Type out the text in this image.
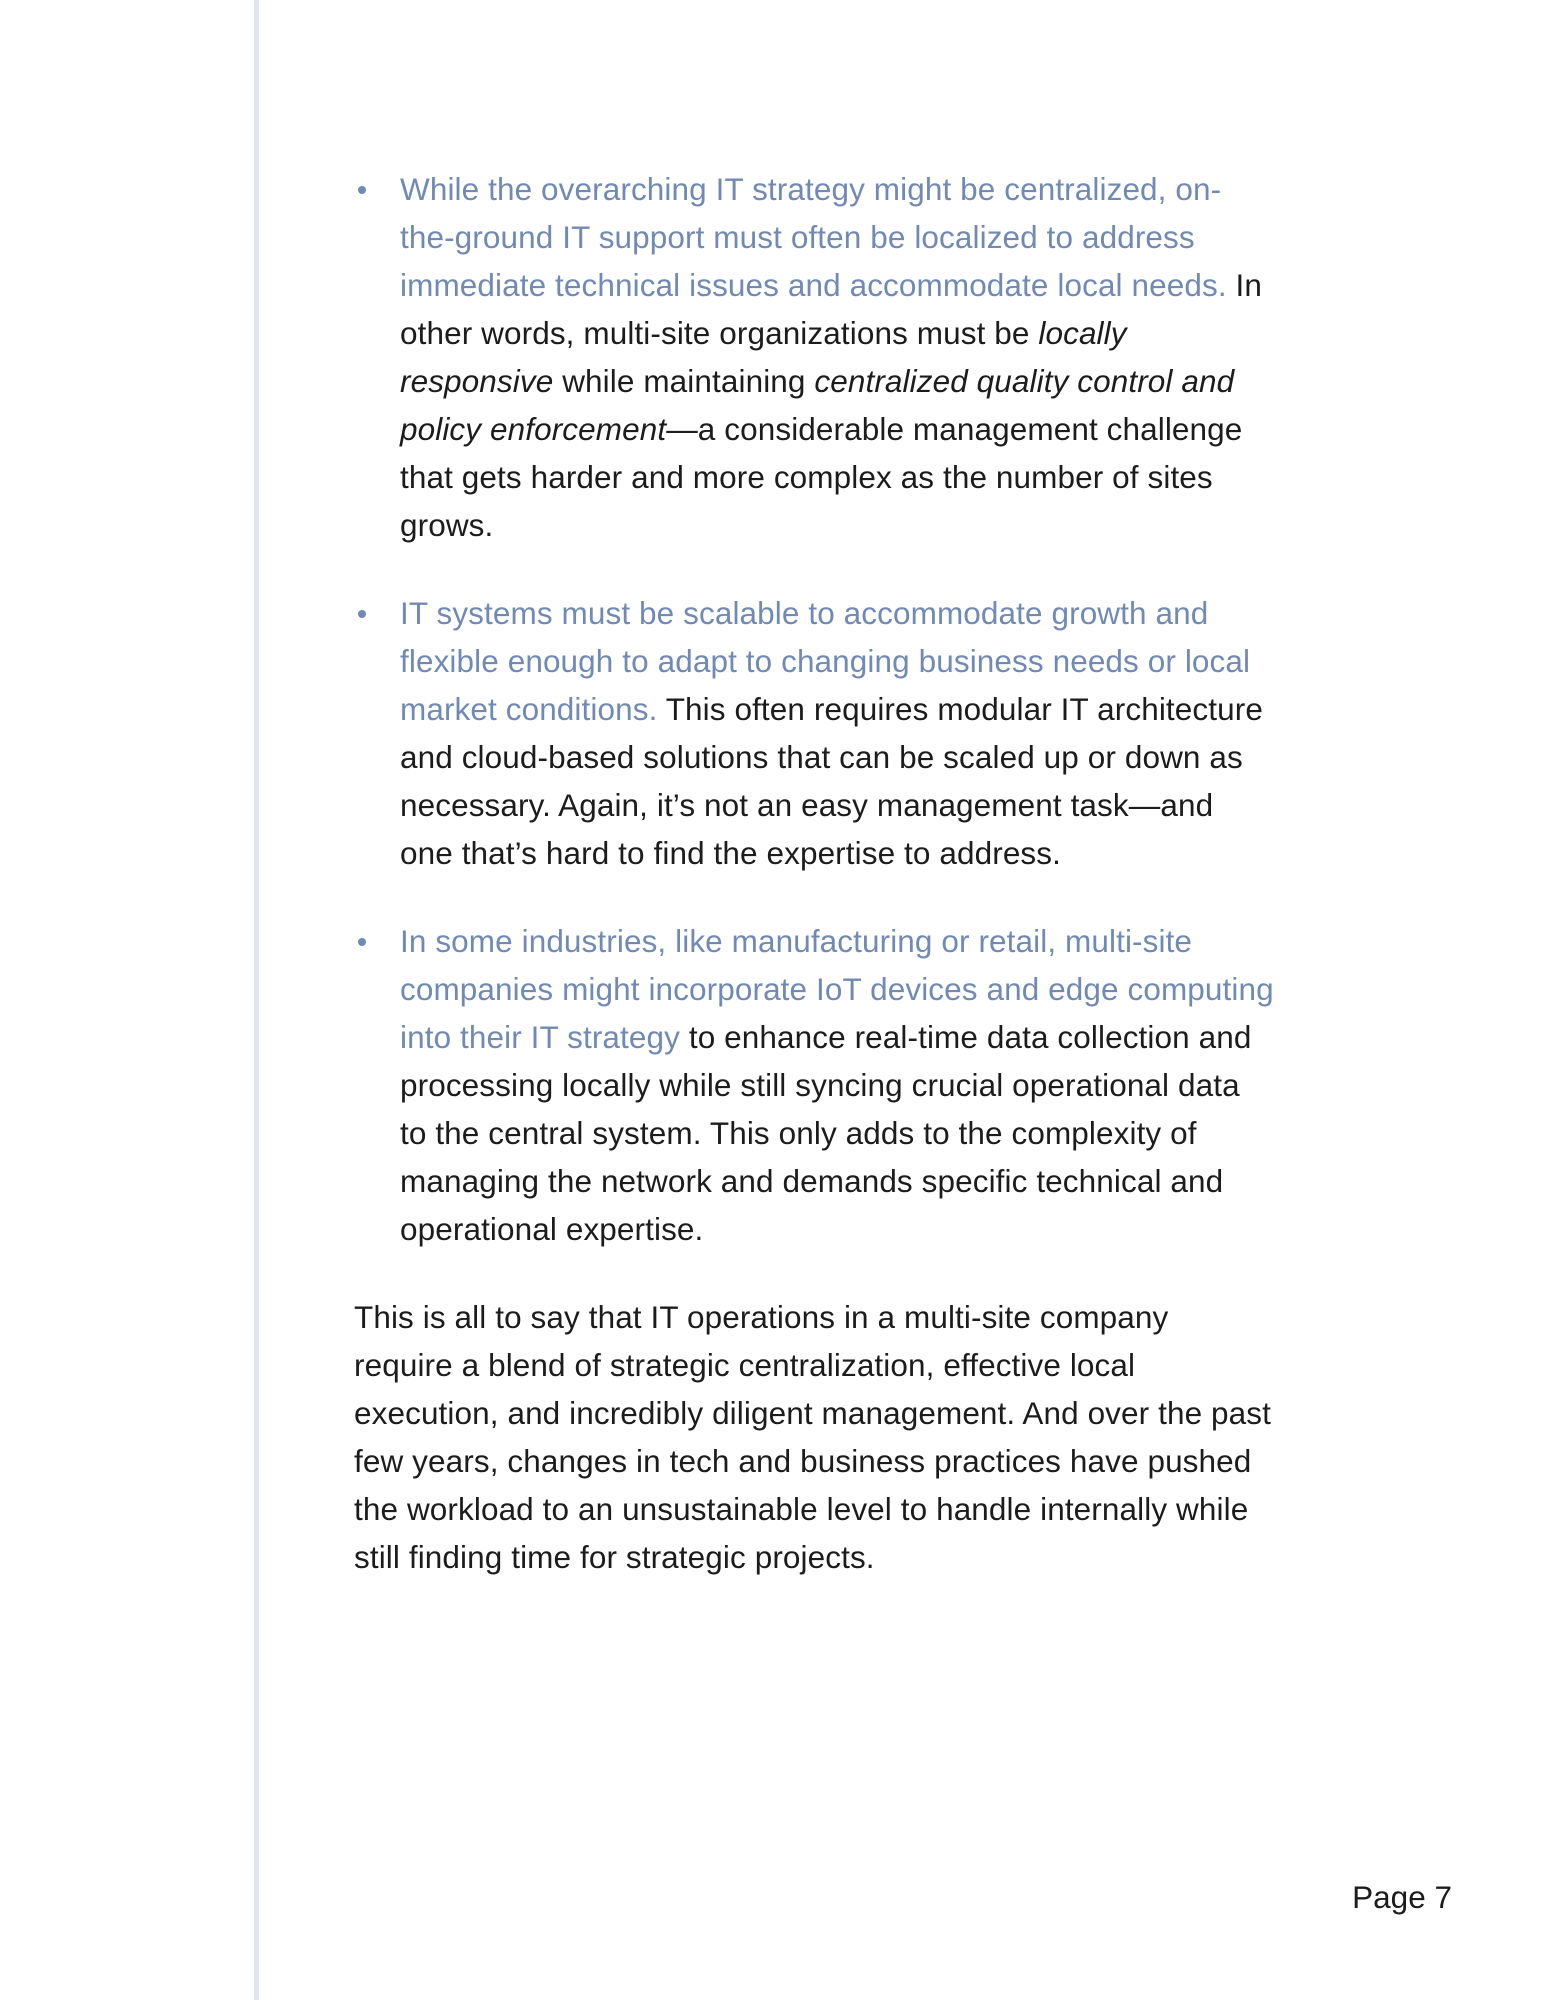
While the overarching IT strategy might be centralized, on-the-ground IT support must often be localized to address immediate technical issues and accommodate local needs. In other words, multi-site organizations must be locally responsive while maintaining centralized quality control and policy enforcement—a considerable management challenge that gets harder and more complex as the number of sites grows.
IT systems must be scalable to accommodate growth and flexible enough to adapt to changing business needs or local market conditions. This often requires modular IT architecture and cloud-based solutions that can be scaled up or down as necessary. Again, it’s not an easy management task—and one that’s hard to find the expertise to address.
In some industries, like manufacturing or retail, multi-site companies might incorporate IoT devices and edge computing into their IT strategy to enhance real-time data collection and processing locally while still syncing crucial operational data to the central system. This only adds to the complexity of managing the network and demands specific technical and operational expertise.

This is all to say that IT operations in a multi-site company require a blend of strategic centralization, effective local execution, and incredibly diligent management. And over the past few years, changes in tech and business practices have pushed the workload to an unsustainable level to handle internally while still finding time for strategic projects.

Page 7
